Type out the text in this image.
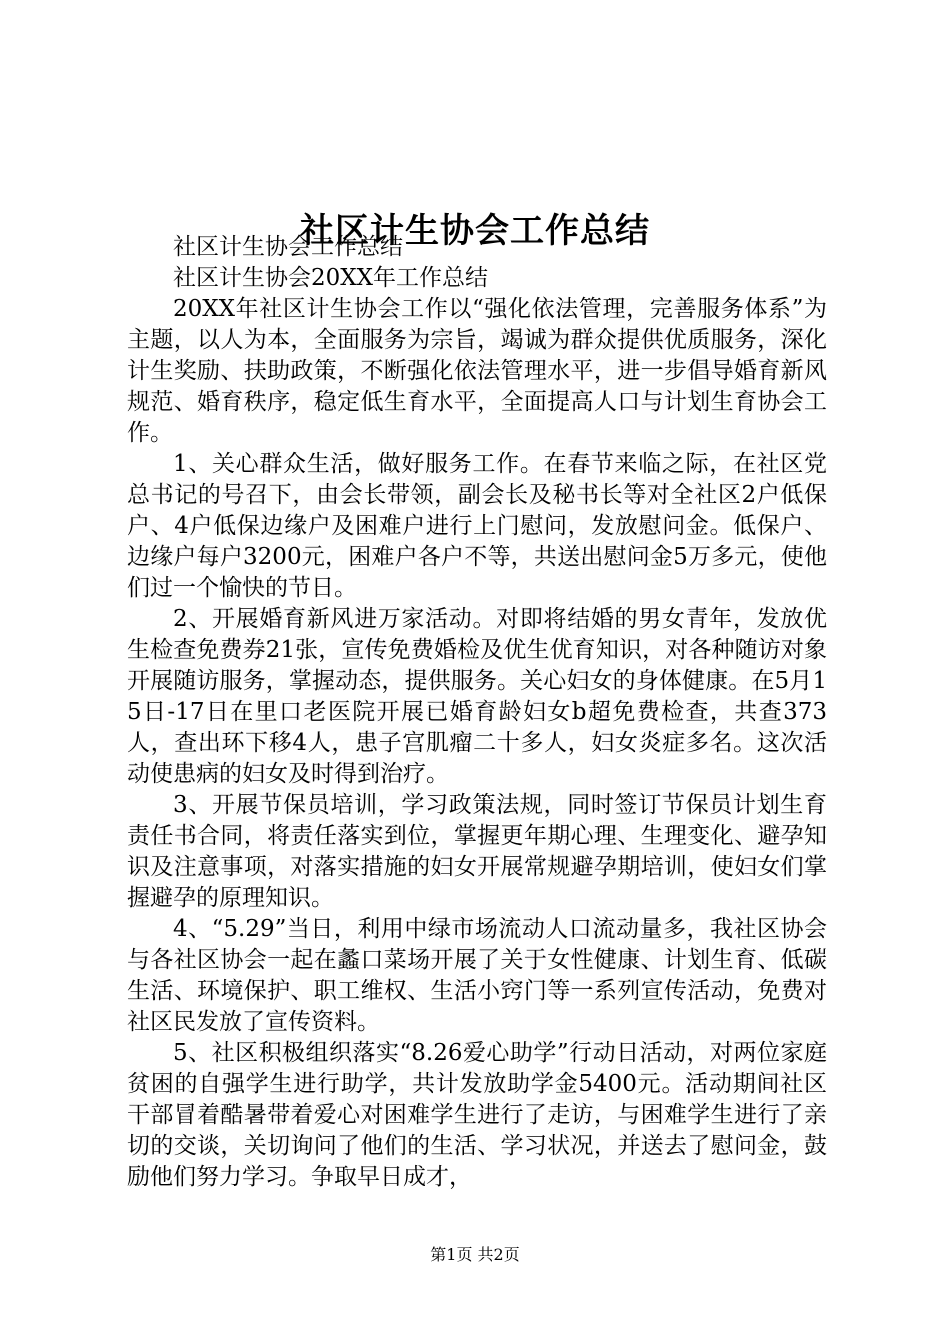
社区计生协会工作总结

社区计生协会工作总结

社区计生协会20XX年工作总结

20XX年社区计生协会工作以“强化依法管理，完善服务体系”为主题，以人为本，全面服务为宗旨，竭诚为群众提供优质服务，深化计生奖励、扶助政策，不断强化依法管理水平，进一步倡导婚育新风规范、婚育秩序，稳定低生育水平，全面提高人口与计划生育协会工作。

1、关心群众生活，做好服务工作。在春节来临之际，在社区党总书记的号召下，由会长带领，副会长及秘书长等对全社区2户低保户、4户低保边缘户及困难户进行上门慰问，发放慰问金。低保户、边缘户每户3200元，困难户各户不等，共送出慰问金5万多元，使他们过一个愉快的节日。

2、开展婚育新风进万家活动。对即将结婚的男女青年，发放优生检查免费券21张，宣传免费婚检及优生优育知识，对各种随访对象开展随访服务，掌握动态，提供服务。关心妇女的身体健康。在5月15日-17日在里口老医院开展已婚育龄妇女b超免费检查，共查373人，查出环下移4人，患子宫肌瘤二十多人，妇女炎症多名。这次活动使患病的妇女及时得到治疗。

3、开展节保员培训，学习政策法规，同时签订节保员计划生育责任书合同，将责任落实到位，掌握更年期心理、生理变化、避孕知识及注意事项，对落实措施的妇女开展常规避孕期培训，使妇女们掌握避孕的原理知识。

4、“5.29”当日，利用中绿市场流动人口流动量多，我社区协会与各社区协会一起在蠡口菜场开展了关于女性健康、计划生育、低碳生活、环境保护、职工维权、生活小窍门等一系列宣传活动，免费对社区民发放了宣传资料。

5、社区积极组织落实“8.26爱心助学”行动日活动，对两位家庭贫困的自强学生进行助学，共计发放助学金5400元。活动期间社区干部冒着酷暑带着爱心对困难学生进行了走访，与困难学生进行了亲切的交谈，关切询问了他们的生活、学习状况，并送去了慰问金，鼓励他们努力学习。争取早日成才，

第1页 共2页
